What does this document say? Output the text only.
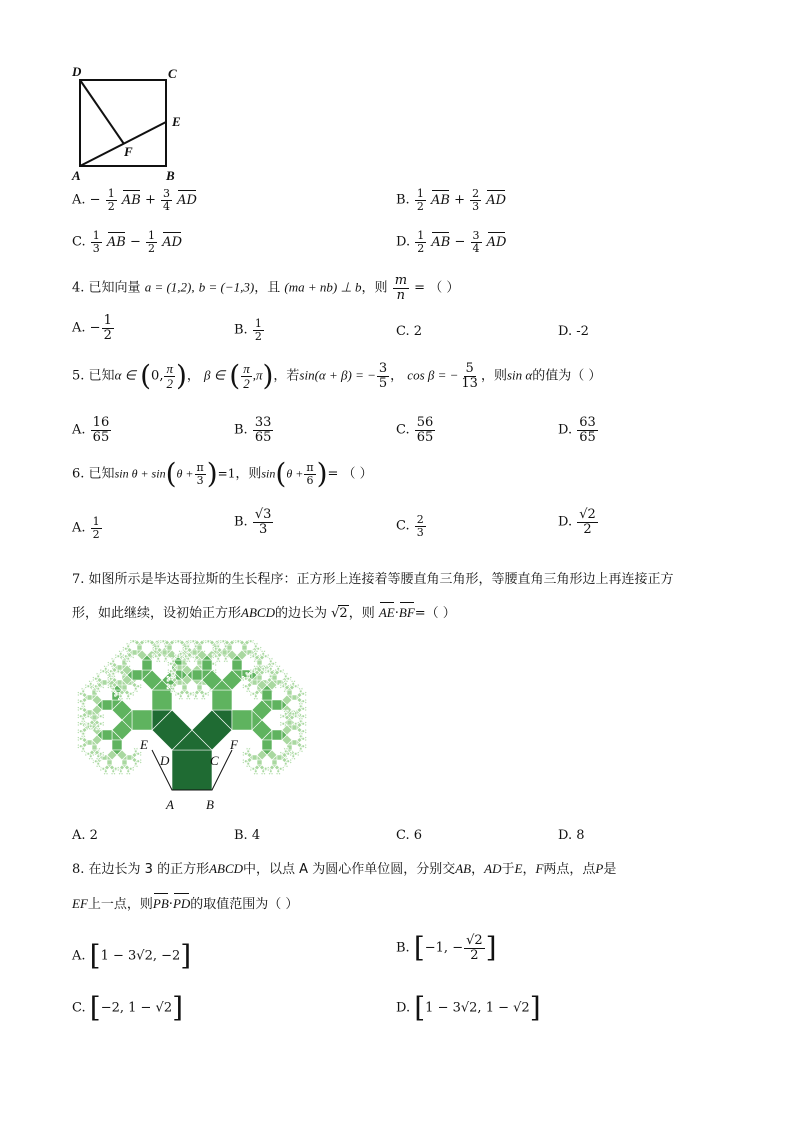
D	C
E
F
A	B
A. − $\frac{1}{2}$ AB + $\frac{3}{4}$ AD	B. $\frac{1}{2}$ AB + $\frac{2}{3}$ AD
C. $\frac{1}{3}$ AB − $\frac{1}{2}$ AD	D. $\frac{1}{2}$ AB − $\frac{3}{4}$ AD
4. 已知向量 a = (1,2), b = (−1,3)，且 (ma + nb) ⊥ b，则 $\frac{m}{n}$ = （ ）
A. − $\frac{1}{2}$	B. $\frac{1}{2}$	C. 2	D. -2
5. 已知α ∈ (0, $\frac{\pi}{2}$ )， β ∈ ( $\frac{\pi}{2} ,\pi$)，若sin(α + β) = − $\frac{3}{5}$ ， cos β = − $\frac{5}{13}$ ，则sin α的值为（ ）
A. $\frac{16}{65}$	B. $\frac{33}{65}$	C. $\frac{56}{65}$	D. $\frac{63}{65}$
6. 已知$\sin \theta + \sin(\theta + \frac{\pi}{3} )=1$，则$\sin(\theta + \frac{\pi}{6}$ )= （ ）
A. $\frac{1}{2}$	B. $\frac{√3}{3}$	C. $\frac{2}{3}$	D. $\frac{√2}{2}$
7. 如图所示是毕达哥拉斯的生长程序：正方形上连接着等腰直角三角形，等腰直角三角形边上再连接正方
形，如此继续，设初始正方形ABCD的边长为 √2，则 AE·BF=（ ）
E
D	C
F
A B
A. 2	B. 4	C. 6	D. 8
8. 在边长为 3 的正方形ABCD中，以点 A 为圆心作单位圆，分别交AB，AD于E，F两点，点P是
EF上一点，则PB·PD的取值范围为（ ）
A. [1 − 3√2, −2]	B. [−1, − $\frac{√2}{2}$ ]
C. [−2, 1 − √2]	D. [1 − 3√2, 1 − √2]
